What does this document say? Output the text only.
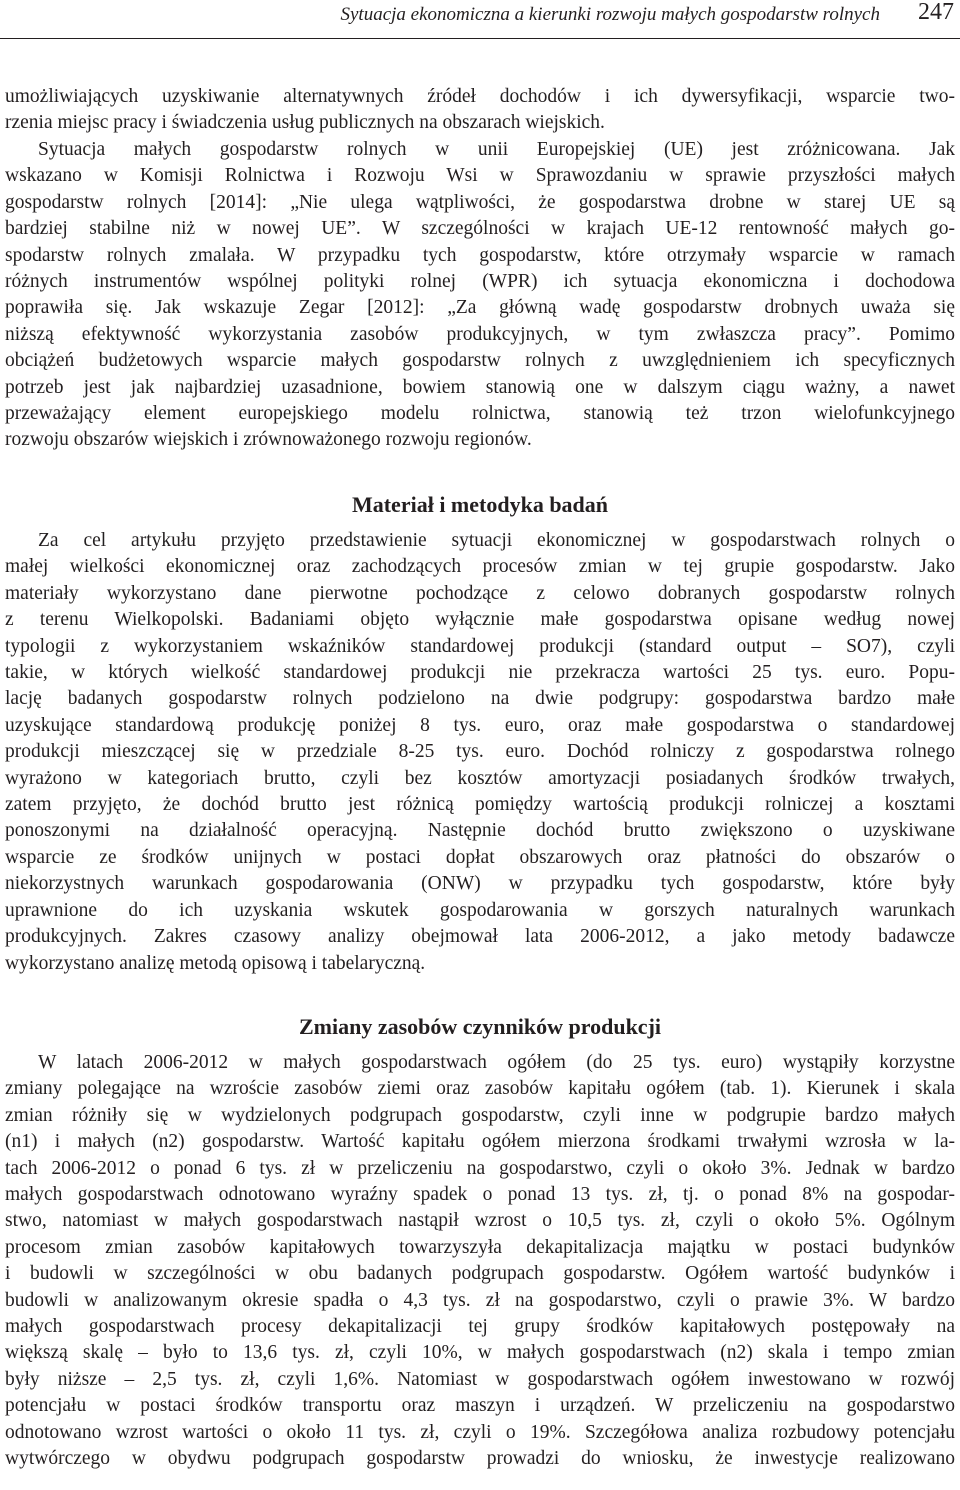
Sytuacja ekonomiczna a kierunki rozwoju małych gospodarstw rolnych 247

umożliwiających uzyskiwanie alternatywnych źródeł dochodów i ich dywersyfikacji, wsparcie two-
rzenia miejsc pracy i świadczenia usług publicznych na obszarach wiejskich.

Sytuacja małych gospodarstw rolnych w unii Europejskiej (UE) jest zróżnicowana. Jak
wskazano w Komisji Rolnictwa i Rozwoju Wsi w Sprawozdaniu w sprawie przyszłości małych
gospodarstw rolnych [2014]: „Nie ulega wątpliwości, że gospodarstwa drobne w starej UE są
bardziej stabilne niż w nowej UE”. W szczególności w krajach UE-12 rentowność małych go-
spodarstw rolnych zmalała. W przypadku tych gospodarstw, które otrzymały wsparcie w ramach
różnych instrumentów wspólnej polityki rolnej (WPR) ich sytuacja ekonomiczna i dochodowa
poprawiła się. Jak wskazuje Zegar [2012]: „Za główną wadę gospodarstw drobnych uważa się
niższą efektywność wykorzystania zasobów produkcyjnych, w tym zwłaszcza pracy”. Pomimo
obciążeń budżetowych wsparcie małych gospodarstw rolnych z uwzględnieniem ich specyficznych
potrzeb jest jak najbardziej uzasadnione, bowiem stanowią one w dalszym ciągu ważny, a nawet
przeważający element europejskiego modelu rolnictwa, stanowią też trzon wielofunkcyjnego
rozwoju obszarów wiejskich i zrównoważonego rozwoju regionów.

Materiał i metodyka badań

Za cel artykułu przyjęto przedstawienie sytuacji ekonomicznej w gospodarstwach rolnych o
małej wielkości ekonomicznej oraz zachodzących procesów zmian w tej grupie gospodarstw. Jako
materiały wykorzystano dane pierwotne pochodzące z celowo dobranych gospodarstw rolnych
z terenu Wielkopolski. Badaniami objęto wyłącznie małe gospodarstwa opisane według nowej
typologii z wykorzystaniem wskaźników standardowej produkcji (standard output – SO7), czyli
takie, w których wielkość standardowej produkcji nie przekracza wartości 25 tys. euro. Popu-
lację badanych gospodarstw rolnych podzielono na dwie podgrupy: gospodarstwa bardzo małe
uzyskujące standardową produkcję poniżej 8 tys. euro, oraz małe gospodarstwa o standardowej
produkcji mieszczącej się w przedziale 8-25 tys. euro. Dochód rolniczy z gospodarstwa rolnego
wyrażono w kategoriach brutto, czyli bez kosztów amortyzacji posiadanych środków trwałych,
zatem przyjęto, że dochód brutto jest różnicą pomiędzy wartością produkcji rolniczej a kosztami
ponoszonymi na działalność operacyjną. Następnie dochód brutto zwiększono o uzyskiwane
wsparcie ze środków unijnych w postaci dopłat obszarowych oraz płatności do obszarów o
niekorzystnych warunkach gospodarowania (ONW) w przypadku tych gospodarstw, które były
uprawnione do ich uzyskania wskutek gospodarowania w gorszych naturalnych warunkach
produkcyjnych. Zakres czasowy analizy obejmował lata 2006-2012, a jako metody badawcze
wykorzystano analizę metodą opisową i tabelaryczną.

Zmiany zasobów czynników produkcji

W latach 2006-2012 w małych gospodarstwach ogółem (do 25 tys. euro) wystąpiły korzystne
zmiany polegające na wzroście zasobów ziemi oraz zasobów kapitału ogółem (tab. 1). Kierunek i skala
zmian różniły się w wydzielonych podgrupach gospodarstw, czyli inne w podgrupie bardzo małych
(n1) i małych (n2) gospodarstw. Wartość kapitału ogółem mierzona środkami trwałymi wzrosła w la-
tach 2006-2012 o ponad 6 tys. zł w przeliczeniu na gospodarstwo, czyli o około 3%. Jednak w bardzo
małych gospodarstwach odnotowano wyraźny spadek o ponad 13 tys. zł, tj. o ponad 8% na gospodar-
stwo, natomiast w małych gospodarstwach nastąpił wzrost o 10,5 tys. zł, czyli o około 5%. Ogólnym
procesom zmian zasobów kapitałowych towarzyszyła dekapitalizacja majątku w postaci budynków
i budowli w szczególności w obu badanych podgrupach gospodarstw. Ogółem wartość budynków i
budowli w analizowanym okresie spadła o 4,3 tys. zł na gospodarstwo, czyli o prawie 3%. W bardzo
małych gospodarstwach procesy dekapitalizacji tej grupy środków kapitałowych postępowały na
większą skalę – było to 13,6 tys. zł, czyli 10%, w małych gospodarstwach (n2) skala i tempo zmian
były niższe – 2,5 tys. zł, czyli 1,6%. Natomiast w gospodarstwach ogółem inwestowano w rozwój
potencjału w postaci środków transportu oraz maszyn i urządzeń. W przeliczeniu na gospodarstwo
odnotowano wzrost wartości o około 11 tys. zł, czyli o 19%. Szczegółowa analiza rozbudowy potencjału
wytwórczego w obydwu podgrupach gospodarstw prowadzi do wniosku, że inwestycje realizowano
